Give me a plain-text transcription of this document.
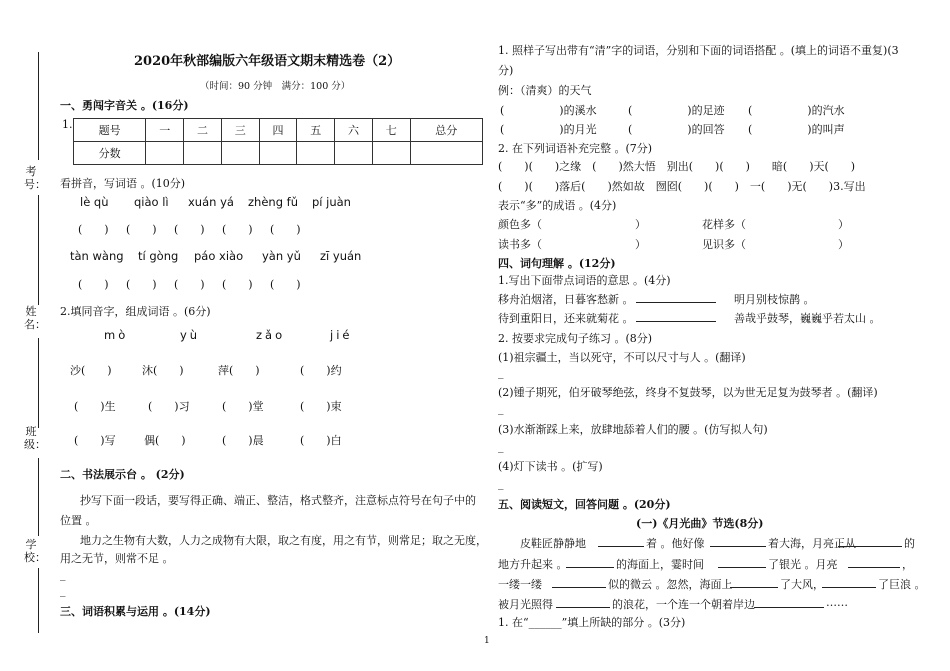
考号：
姓名：
班级：
学校：
2020年秋部编版六年级语文期末精选卷（2）
（时间：90 分钟　满分：100 分）
一、勇闯字音关 。(16分)
1. 题号	一	二	三	四	五	六	七	总分
分数								
看拼音，写词语 。(10分)
lè qù qiào lì xuán yá zhèng fǔ pí juàn
(　　) (　　) (　　) (　　) (　　)
tàn wàng tí gòng páo xiào yàn yǔ zī yuán
(　　) (　　) (　　) (　　) (　　)
2.填同音字，组成词语 。(6分)
mò	yù	zǎo	jié
沙(　　)	沐(　　)	萍(　　)	(　　)约
(　　)生	(　　)习	(　　)堂	(　　)束
(　　)写	偶(　　)	(　　)晨	(　　)白
二、书法展示台 。 (2分)
抄写下面一段话，要写得正确、端正、整洁，格式整齐，注意标点符号在句子中的
位置 。
地力之生物有大数，人力之成物有大限，取之有度，用之有节，则常足；取之无度，
用之无节，则常不足 。
_
_
三、词语积累与运用 。(14分)
1. 照样子写出带有“清”字的词语，分别和下面的词语搭配 。(填上的词语不重复)(3
分)
例：（清爽）的天气
(　　　　　)的溪水	(　　　　　)的足迹 (　　　　　)的汽水
(　　　　　)的月光	(　　　　　)的回答 (　　　　　)的叫声
2. 在下列词语补充完整 。(7分)
(　　)(　　)之缘　(　　)然大悟　别出(　　)(　　)　　暗(　　)天(　　)
(　　)(　　)落后(　　)然如故　囫囵(　　)(　　)　一(　　)无(　　)3.写出
表示“多”的成语 。(4分)
颜色多（	）	花样多（	）
读书多（	）	见识多（	）
四、词句理解 。(12分)
1.写出下面带点词语的意思 。(4分)
移舟泊烟渚，日暮客愁新 。	明月别枝惊鹊 。
待到重阳日，还来就菊花 。	善哉乎鼓琴，巍巍乎若太山 。
2. 按要求完成句子练习 。(8分)
(1)祖宗疆土，当以死守，不可以尺寸与人 。(翻译)
_
(2)锺子期死，伯牙破琴绝弦，终身不复鼓琴，以为世无足复为鼓琴者 。(翻译)
_
(3)水渐渐踩上来，放肆地舔着人们的腰 。(仿写拟人句)
_
(4)灯下读书 。(扩写)
_
五、阅读短文，回答问题 。(20分)
(一)《月光曲》节选(8分)
皮鞋匠静静地	着 。他好像	着大海，月亮正从	的
地方升起来 。	的海面上，霎时间	了银光 。月亮	，
一缕一缕	似的微云 。忽然，海面上	了大风，	了巨浪 。
被月光照得	的浪花，一个连一个朝着岸边	……
1. 在“______”填上所缺的部分 。(3分)
1
